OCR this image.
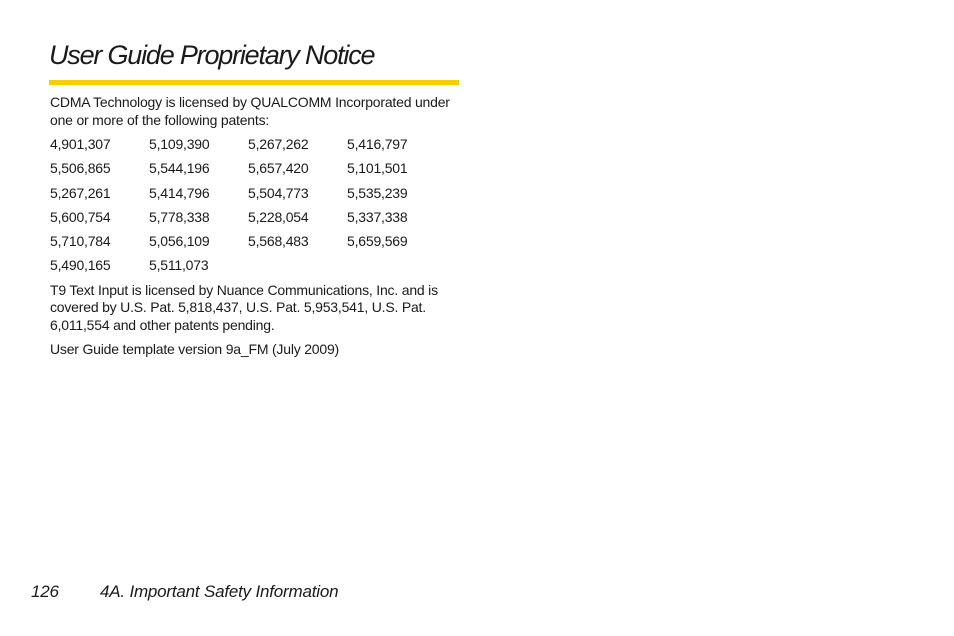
User Guide Proprietary Notice

CDMA Technology is licensed by QUALCOMM Incorporated under one or more of the following patents:

4,901,307	5,109,390	5,267,262	5,416,797
5,506,865	5,544,196	5,657,420	5,101,501
5,267,261	5,414,796	5,504,773	5,535,239
5,600,754	5,778,338	5,228,054	5,337,338
5,710,784	5,056,109	5,568,483	5,659,569
5,490,165	5,511,073

T9 Text Input is licensed by Nuance Communications, Inc. and is covered by U.S. Pat. 5,818,437, U.S. Pat. 5,953,541, U.S. Pat. 6,011,554 and other patents pending.

User Guide template version 9a_FM (July 2009)

126 4A. Important Safety Information
